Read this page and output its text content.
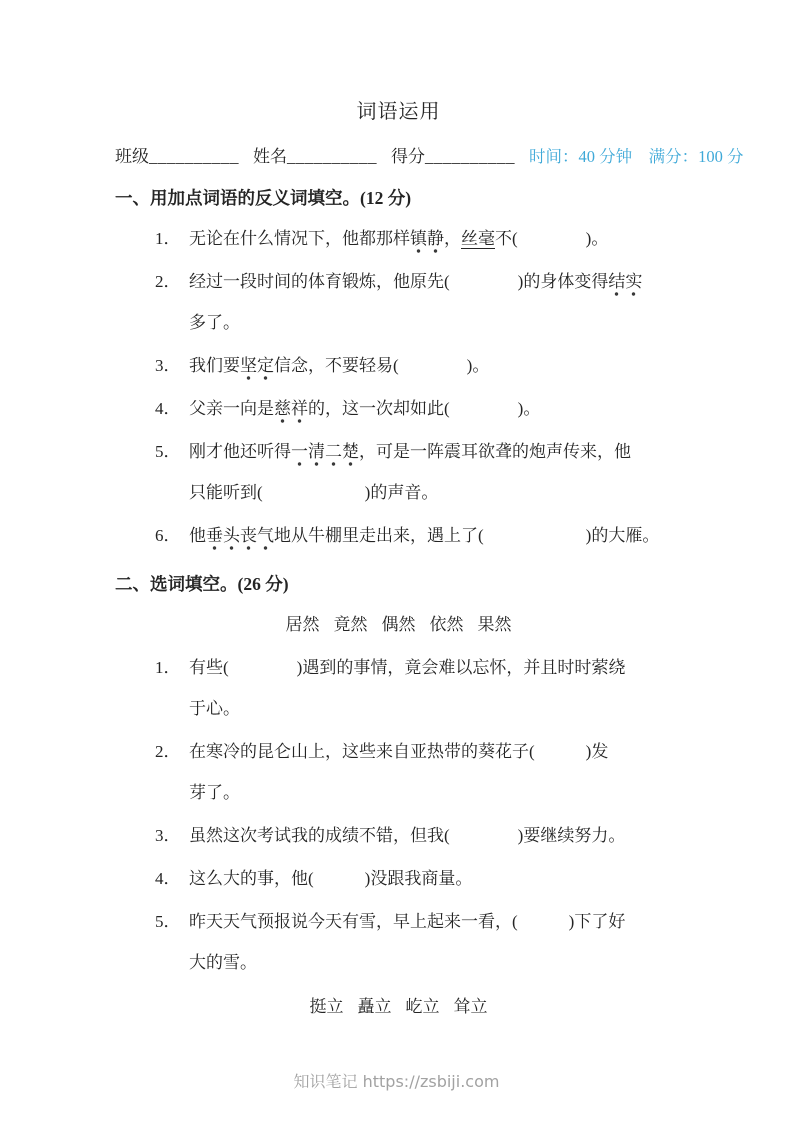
词语运用
班级__________ 姓名__________ 得分__________ 时间：40 分钟　满分：100 分
一、用加点词语的反义词填空。(12 分)
1． 无论在什么情况下，他都那样镇静，丝毫不(　　　　)。
2． 经过一段时间的体育锻炼，他原先(　　　　)的身体变得结实
多了。
3． 我们要坚定信念，不要轻易(　　　　)。
4． 父亲一向是慈祥的，这一次却如此(　　　　)。
5． 刚才他还听得一清二楚，可是一阵震耳欲聋的炮声传来，他
只能听到(　　　　　　)的声音。
6． 他垂头丧气地从牛棚里走出来，遇上了(　　　　　　)的大雁。
二、选词填空。(26 分)
居然 竟然 偶然 依然 果然
1． 有些(　　　　)遇到的事情，竟会难以忘怀，并且时时萦绕
于心。
2． 在寒冷的昆仑山上，这些来自亚热带的葵花子(　　　)发
芽了。
3． 虽然这次考试我的成绩不错，但我(　　　　)要继续努力。
4． 这么大的事，他(　　　)没跟我商量。
5． 昨天天气预报说今天有雪，早上起来一看，(　　　)下了好
大的雪。
挺立 矗立 屹立 耸立
知识笔记 https://zsbiji.com
